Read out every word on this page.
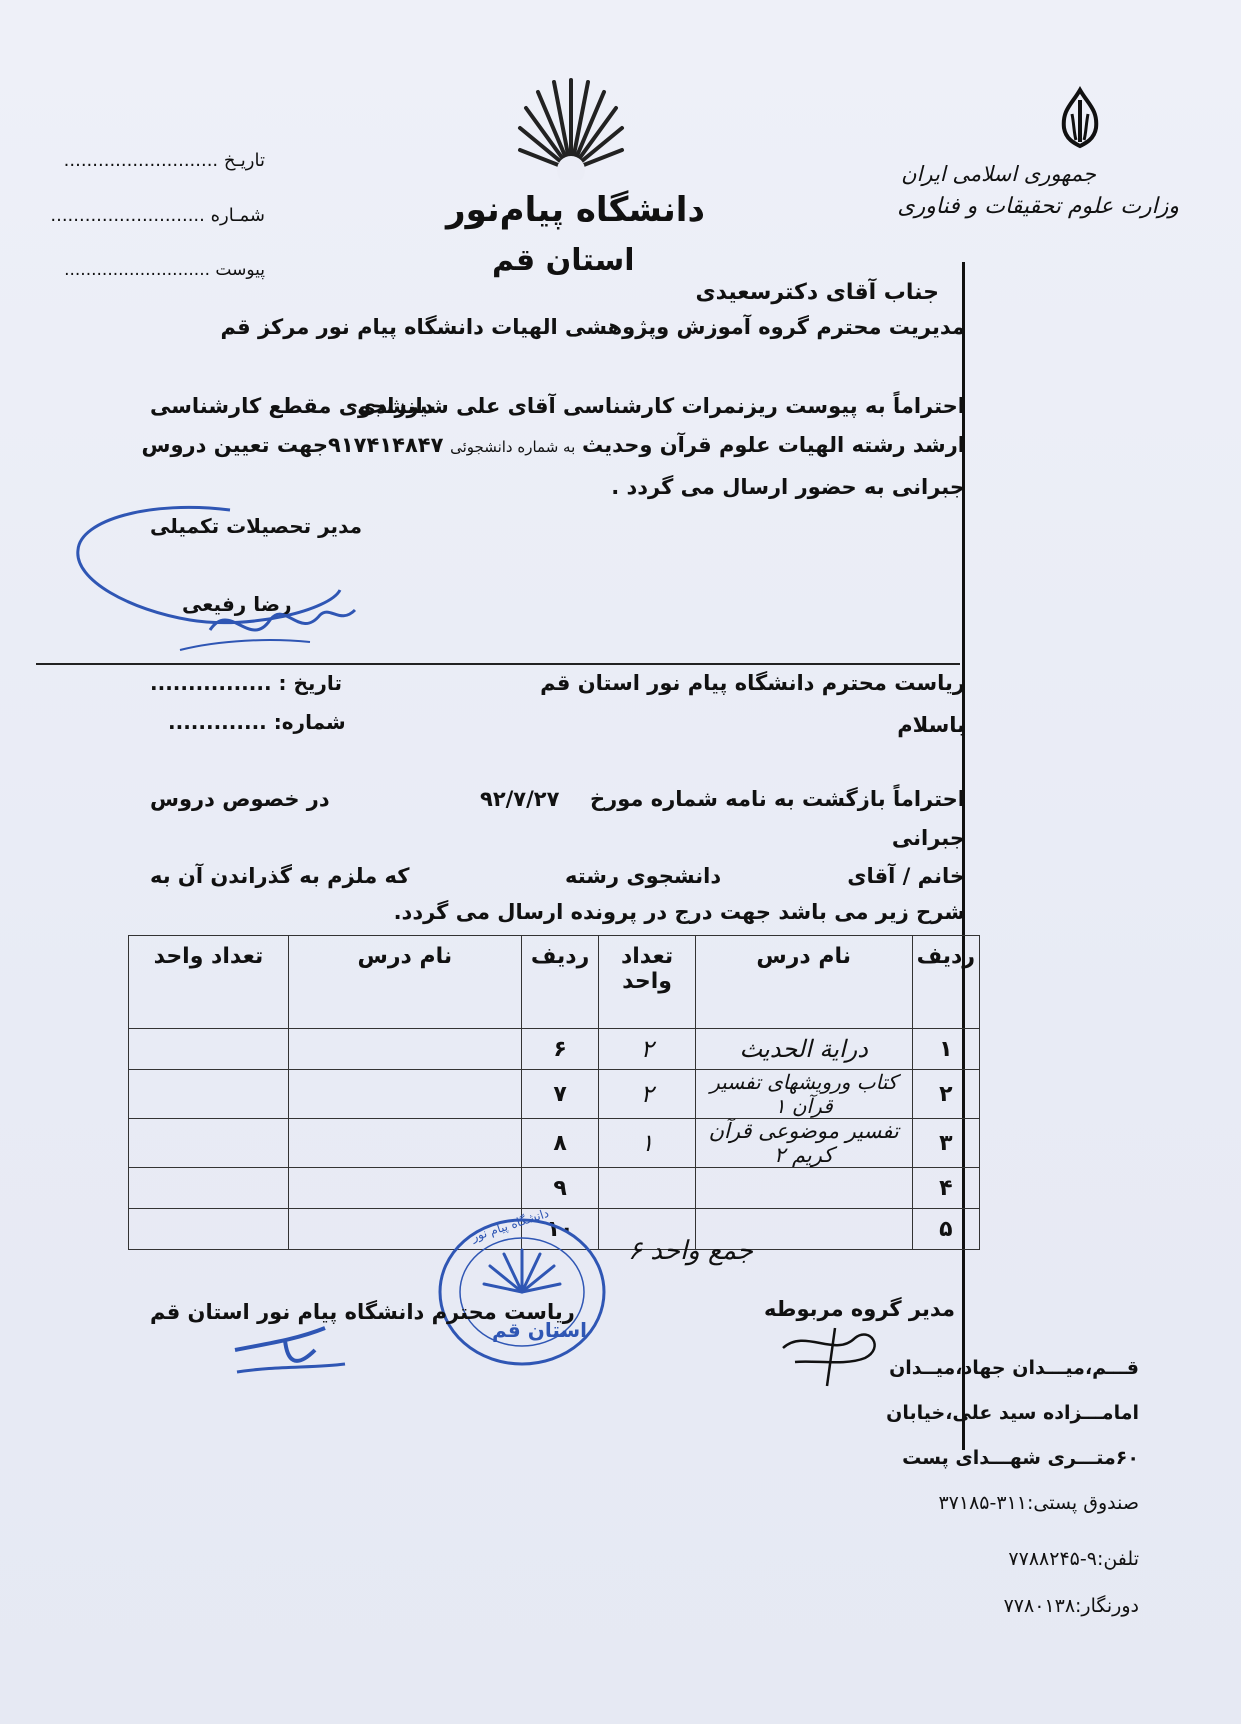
جمهوری اسلامی ایران
وزارت علوم تحقیقات و فناوری
دانشگاه پیام‌نور
استان قم
تاریـخ ...........................
شمـاره ...........................
پیوست ...........................
جناب آقای دکترسعیدی
مدیریت محترم گروه آموزش وپژوهشی الهیات دانشگاه پیام نور مرکز قم
احتراماً به پیوست ریزنمرات کارشناسی آقای علی شیرزادی
دانشجوی مقطع کارشناسی
ارشد رشته الهیات علوم قرآن وحدیث به شماره دانشجوئی ۹۱۷۴۱۴۸۴۷جهت تعیین دروس
جبرانی به حضور ارسال می گردد .
مدیر تحصیلات تکمیلی
رضا رفیعی
تاریخ : ................
شماره: .............
ریاست محترم دانشگاه پیام نور استان قم
باسلام
احتراماً بازگشت به نامه شماره
مورخ
۹۲/۷/۲۷
در خصوص دروس
جبرانی
خانم / آقای
دانشجوی رشته
که ملزم به گذراندن آن به
شرح زیر می باشد جهت درج در پرونده ارسال می گردد.
ردیف	نام درس	تعداد واحد	ردیف	نام درس	تعداد واحد
۱	درایة الحدیث	۲	۶		
۲	کتاب ورویشهای تفسیر قرآن ۱	۲	۷		
۳	تفسیر موضوعی قرآن کریم ۲	۱	۸		
۴			۹		
۵			۱۰		
جمع واحد ۶
دانشگاه پیام نور
استان قم
مدیر گروه مربوطه
ریاست محترم دانشگاه پیام نور استان قم
قـــم،میـــدان جهاد،میــدان
امامـــزاده سید علی،خیابان
۶۰متـــری شهـــدای پست
صندوق پستی:۳۱۱-۳۷۱۸۵
تلفن:۹-۷۷۸۸۲۴۵
دورنگار:۷۷۸۰۱۳۸
